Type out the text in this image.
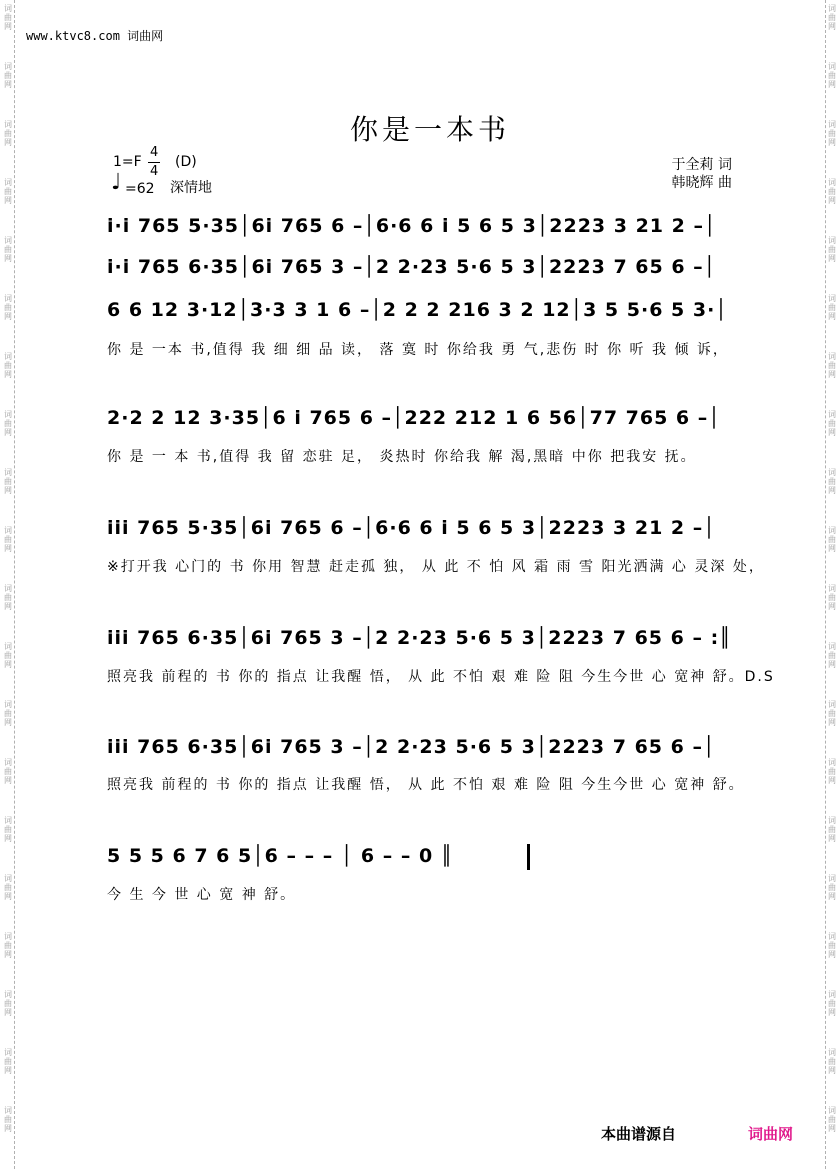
词
曲
网
词
曲
网
词
曲
网
词
曲
网
词
曲
网
词
曲
网
词
曲
网
词
曲
网
词
曲
网
词
曲
网
词
曲
网
词
曲
网
词
曲
网
词
曲
网
词
曲
网
词
曲
网
词
曲
网
词
曲
网
词
曲
网
词
曲
网
词
曲
网
词
曲
网
词
曲
网
词
曲
网
词
曲
网
词
曲
网
词
曲
网
词
曲
网
词
曲
网
词
曲
网
词
曲
网
词
曲
网
词
曲
网
词
曲
网
词
曲
网
词
曲
网
词
曲
网
词
曲
网
词
曲
网
词
曲
网
www.ktvc8.com 词曲网
你是一本书
1=F
4
4
(D)
♩ =62 深情地
于全莉 词
韩晓辉 曲
i·i 765 5·35│6i 765 6 –│6·6 6 i 5 6 5 3│2223 3 21 2 –│
i·i 765 6·35│6i 765 3 –│2 2·23 5·6 5 3│2223 7 65 6 –│
6 6 12 3·12│3·3 3 1 6 –│2 2 2 216 3 2 12│3 5 5·6 5 3·│
你 是 一本 书,值得 我 细 细 品 读， 落 寞 时 你给我 勇 气,悲伤 时 你 听 我 倾 诉，
2·2 2 12 3·35│6 i 765 6 –│222 212 1 6 56│77 765 6 –│
你 是 一 本 书,值得 我 留 恋驻 足， 炎热时 你给我 解 渴,黑暗 中你 把我安 抚。
iii 765 5·35│6i 765 6 –│6·6 6 i 5 6 5 3│2223 3 21 2 –│
※打开我 心门的 书 你用 智慧 赶走孤 独， 从 此 不 怕 风 霜 雨 雪 阳光洒满 心 灵深 处，
iii 765 6·35│6i 765 3 –│2 2·23 5·6 5 3│2223 7 65 6 – :║
照亮我 前程的 书 你的 指点 让我醒 悟， 从 此 不怕 艰 难 险 阻 今生今世 心 宽神 舒。D.S
iii 765 6·35│6i 765 3 –│2 2·23 5·6 5 3│2223 7 65 6 –│
照亮我 前程的 书 你的 指点 让我醒 悟， 从 此 不怕 艰 难 险 阻 今生今世 心 宽神 舒。
5 5 5 6 7 6 5│6 – – – │ 6 – – 0 ║
今 生 今 世 心 宽 神 舒。
本曲谱源自	词曲网
